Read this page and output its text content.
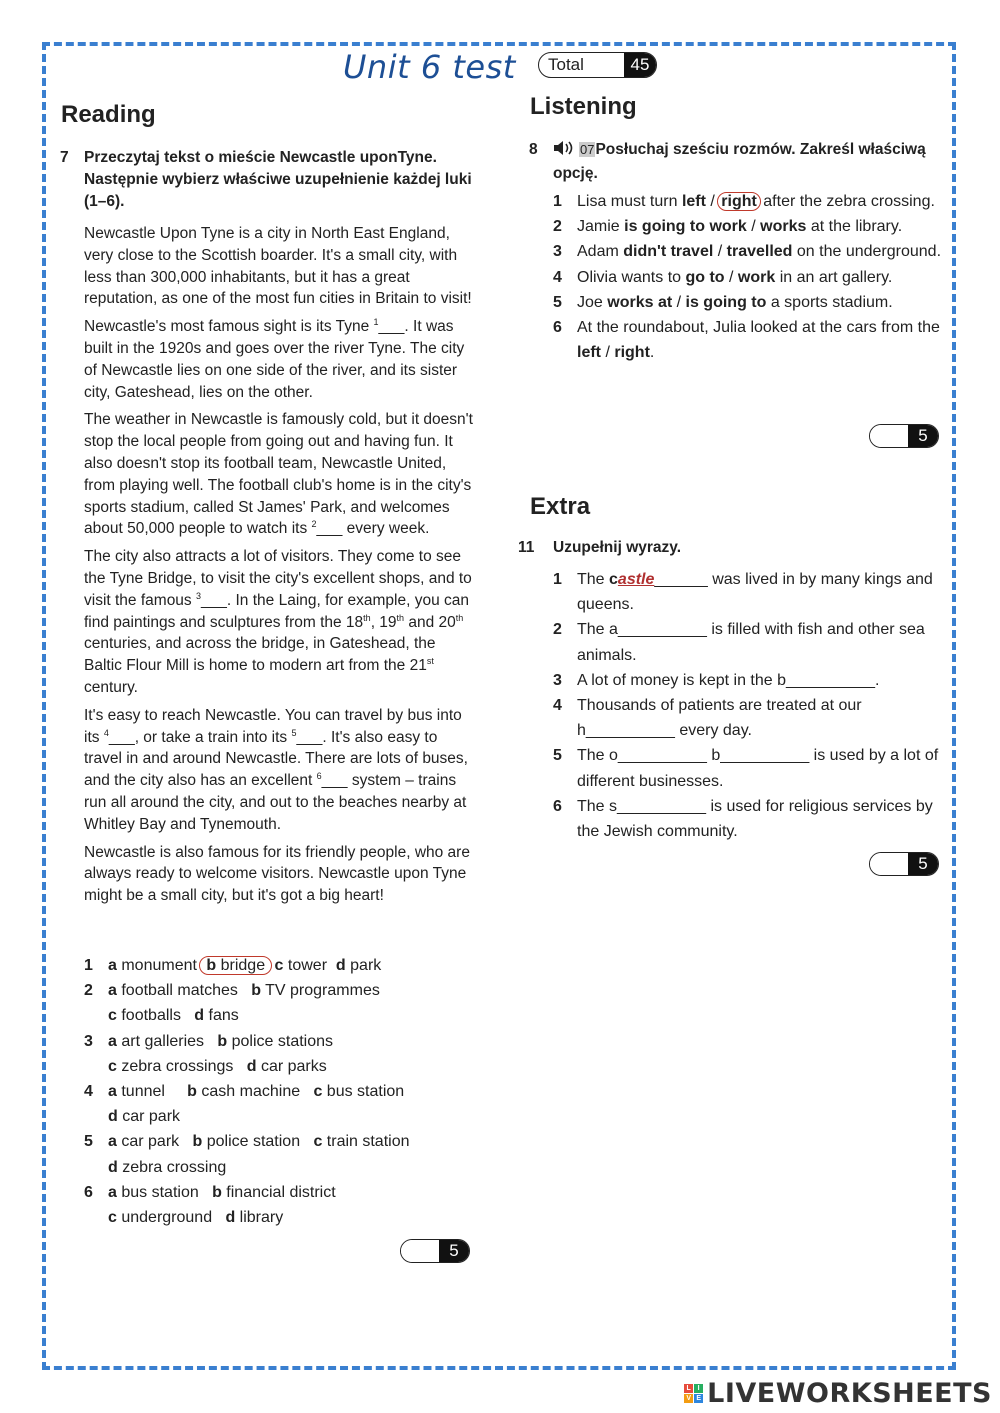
Unit 6 test	Total	45
Reading
7 Przeczytaj tekst o mieście Newcastle uponTyne. Następnie wybierz właściwe uzupełnienie każdej luki (1–6).

Newcastle Upon Tyne is a city in North East England, very close to the Scottish boarder. It's a small city, with less than 300,000 inhabitants, but it has a great reputation, as one of the most fun cities in Britain to visit!

Newcastle's most famous sight is its Tyne $^1$___. It was built in the 1920s and goes over the river Tyne. The city of Newcastle lies on one side of the river, and its sister city, Gateshead, lies on the other.

The weather in Newcastle is famously cold, but it doesn't stop the local people from going out and having fun. It also doesn't stop its football team, Newcastle United, from playing well. The football club's home is in the city's sports stadium, called St James' Park, and welcomes about 50,000 people to watch its $^2$___ every week.

The city also attracts a lot of visitors. They come to see the Tyne Bridge, to visit the city's excellent shops, and to visit the famous $^3$___. In the Laing, for example, you can find paintings and sculptures from the 18th, 19th and 20th centuries, and across the bridge, in Gateshead, the Baltic Flour Mill is home to modern art from the 21st century.

It's easy to reach Newcastle. You can travel by bus into its $^4$___, or take a train into its $^5$___. It's also easy to travel in and around Newcastle. There are lots of buses, and the city also has an excellent $^6$___ system – trains run all around the city, and out to the beaches nearby at Whitley Bay and Tynemouth.

Newcastle is also famous for its friendly people, who are always ready to welcome visitors. Newcastle upon Tyne might be a small city, but it's got a big heart!

1 a monument b bridge c tower  d park
2 a football matches   b TV programmes
c footballs   d fans
3 a art galleries   b police stations
c zebra crossings   d car parks
4 a tunnel     b cash machine   c bus station
d car park
5 a car park   b police station   c train station
d zebra crossing
6 a bus station   b financial district
c underground   d library
5
Listening
8	07Posłuchaj sześciu rozmów. Zakreśl właściwą opcję.
1 Lisa must turn left / right after the zebra crossing.
2 Jamie is going to work / works at the library.
3 Adam didn't travel / travelled on the underground.
4 Olivia wants to go to / work in an art gallery.
5 Joe works at / is going to a sports stadium.
6 At the roundabout, Julia looked at the cars from the left / right.
5
Extra
11 Uzupełnij wyrazy.
1 The castle______ was lived in by many kings and queens.
2 The a__________ is filled with fish and other sea animals.
3 A lot of money is kept in the b__________.
4 Thousands of patients are treated at our h__________ every day.
5 The o__________ b__________ is used by a lot of different businesses.
6 The s__________ is used for religious services by the Jewish community.
5
L I
V E LIVEWORKSHEETS
